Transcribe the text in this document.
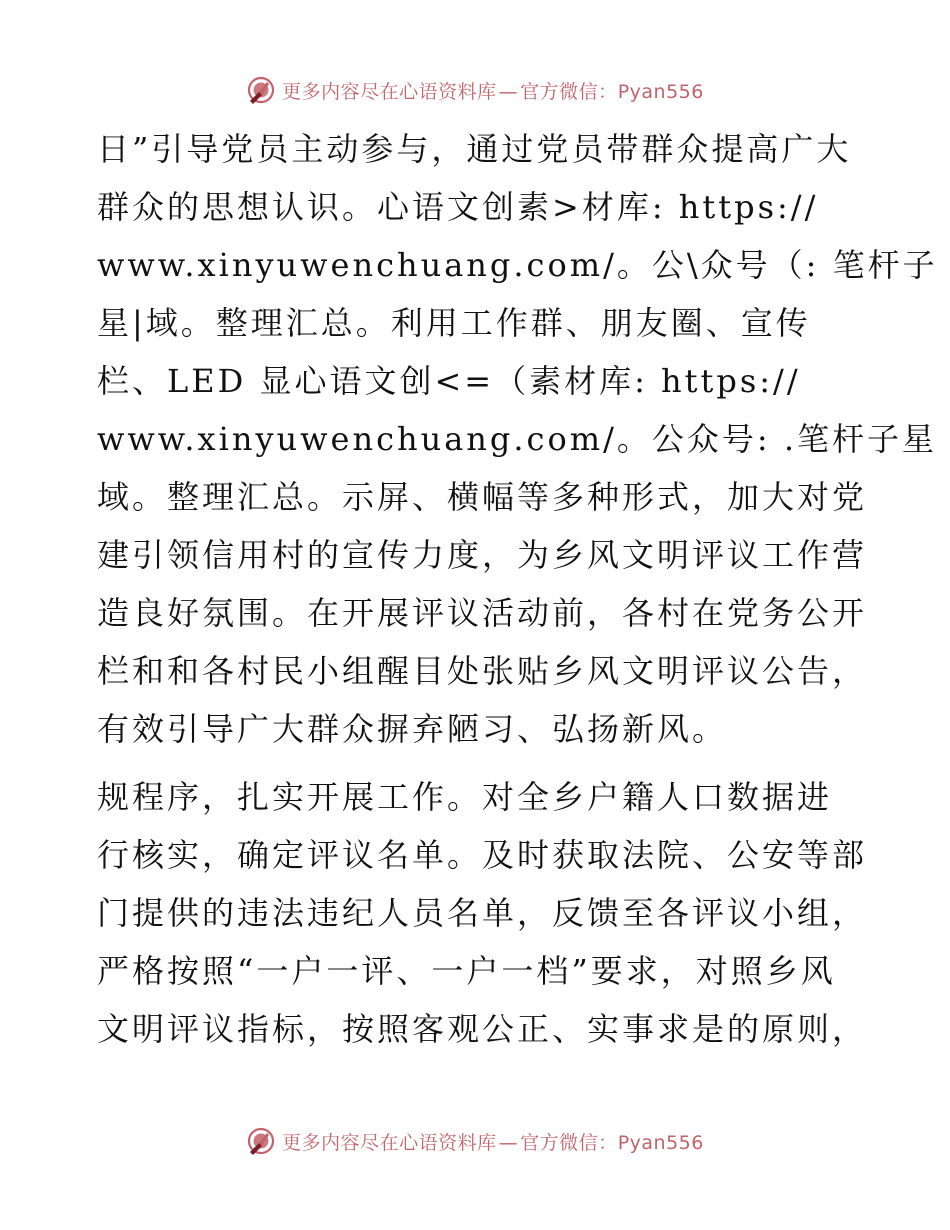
更多内容尽在心语资料库 — 官方微信：Pyan556

日”引导党员主动参与，通过党员带群众提高广大
群众的思想认识。心语文创素>材库: https://
www.xinyuwenchuang.com/。公\众号（: 笔杆子
星|域。整理汇总。利用工作群、朋友圈、宣传
栏、LED 显心语文创<=（素材库: https://
www.xinyuwenchuang.com/。公众号: .笔杆子星
域。整理汇总。示屏、横幅等多种形式，加大对党
建引领信用村的宣传力度，为乡风文明评议工作营
造良好氛围。在开展评议活动前，各村在党务公开
栏和和各村民小组醒目处张贴乡风文明评议公告，
有效引导广大群众摒弃陋习、弘扬新风。

规程序，扎实开展工作。对全乡户籍人口数据进
行核实，确定评议名单。及时获取法院、公安等部
门提供的违法违纪人员名单，反馈至各评议小组，
严格按照“一户一评、一户一档”要求，对照乡风
文明评议指标，按照客观公正、实事求是的原则，

更多内容尽在心语资料库 — 官方微信：Pyan556
